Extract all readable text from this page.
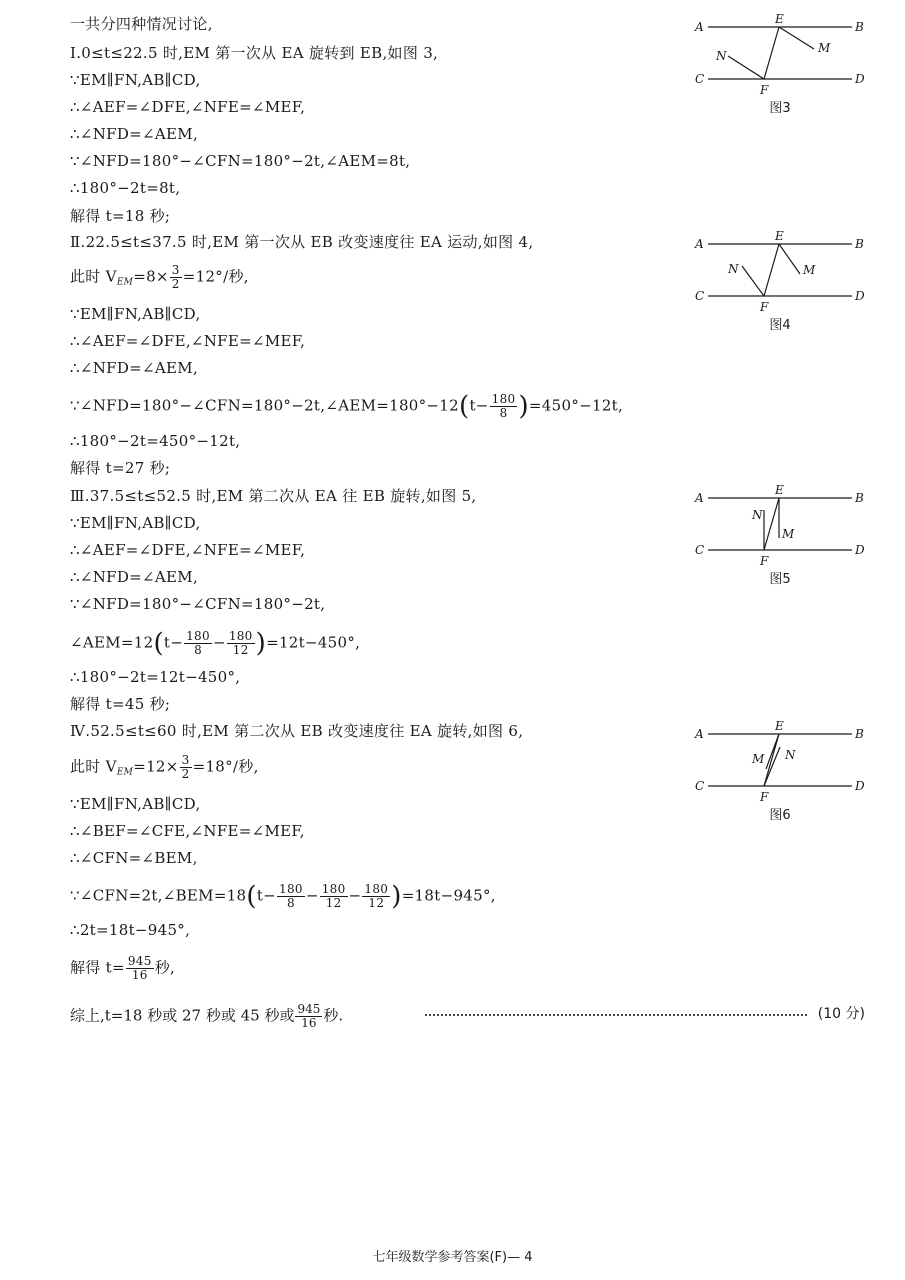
一共分四种情况讨论,
Ⅰ.0≤t≤22.5 时,EM 第一次从 EA 旋转到 EB,如图 3,
∵EM∥FN,AB∥CD,
∴∠AEF=∠DFE,∠NFE=∠MEF,
∴∠NFD=∠AEM,
∵∠NFD=180°−∠CFN=180°−2t,∠AEM=8t,
∴180°−2t=8t,
解得 t=18 秒;
Ⅱ.22.5≤t≤37.5 时,EM 第一次从 EB 改变速度往 EA 运动,如图 4,
此时 $V_{EM}=8\times \frac{3}{2} =12^\circ/$秒,
∵EM∥FN,AB∥CD,
∴∠AEF=∠DFE,∠NFE=∠MEF,
∴∠NFD=∠AEM,
∵∠NFD=180°−∠CFN=180°−2t,∠AEM=180°−12(t− $\frac{180}{8} )=450^\circ-12t$,
∴180°−2t=450°−12t,
解得 t=27 秒;
Ⅲ.37.5≤t≤52.5 时,EM 第二次从 EA 往 EB 旋转,如图 5,
∵EM∥FN,AB∥CD,
∴∠AEF=∠DFE,∠NFE=∠MEF,
∴∠NFD=∠AEM,
∵∠NFD=180°−∠CFN=180°−2t,
∠AEM=12(t− $\frac{180}{8} - \frac{180}{12} )=12t-450^\circ$,
∴180°−2t=12t−450°,
解得 t=45 秒;
Ⅳ.52.5≤t≤60 时,EM 第二次从 EB 改变速度往 EA 旋转,如图 6,
此时 $V_{EM}=12\times \frac{3}{2} =18^\circ/$秒,
∵EM∥FN,AB∥CD,
∴∠BEF=∠CFE,∠NFE=∠MEF,
∴∠CFN=∠BEM,
∵∠CFN=2t,∠BEM=18(t− $\frac{180}{8} - \frac{180}{12} - \frac{180}{12} )=18t-945^\circ$,
∴2t=18t−945°,
解得 $t= \frac{945}{16}$ 秒,
综上,t=18 秒或 27 秒或 45 秒或 $\frac{945}{16}$ 秒.	(10 分)
A	B
C	D
E
F
M
N
图3
A	B
C	D
E
F
M
N
图4
A	B
C	D
E
F
M
N
图5
A	B
C	D
E
F
M N
图6
七年级数学参考答案(F)— 4
